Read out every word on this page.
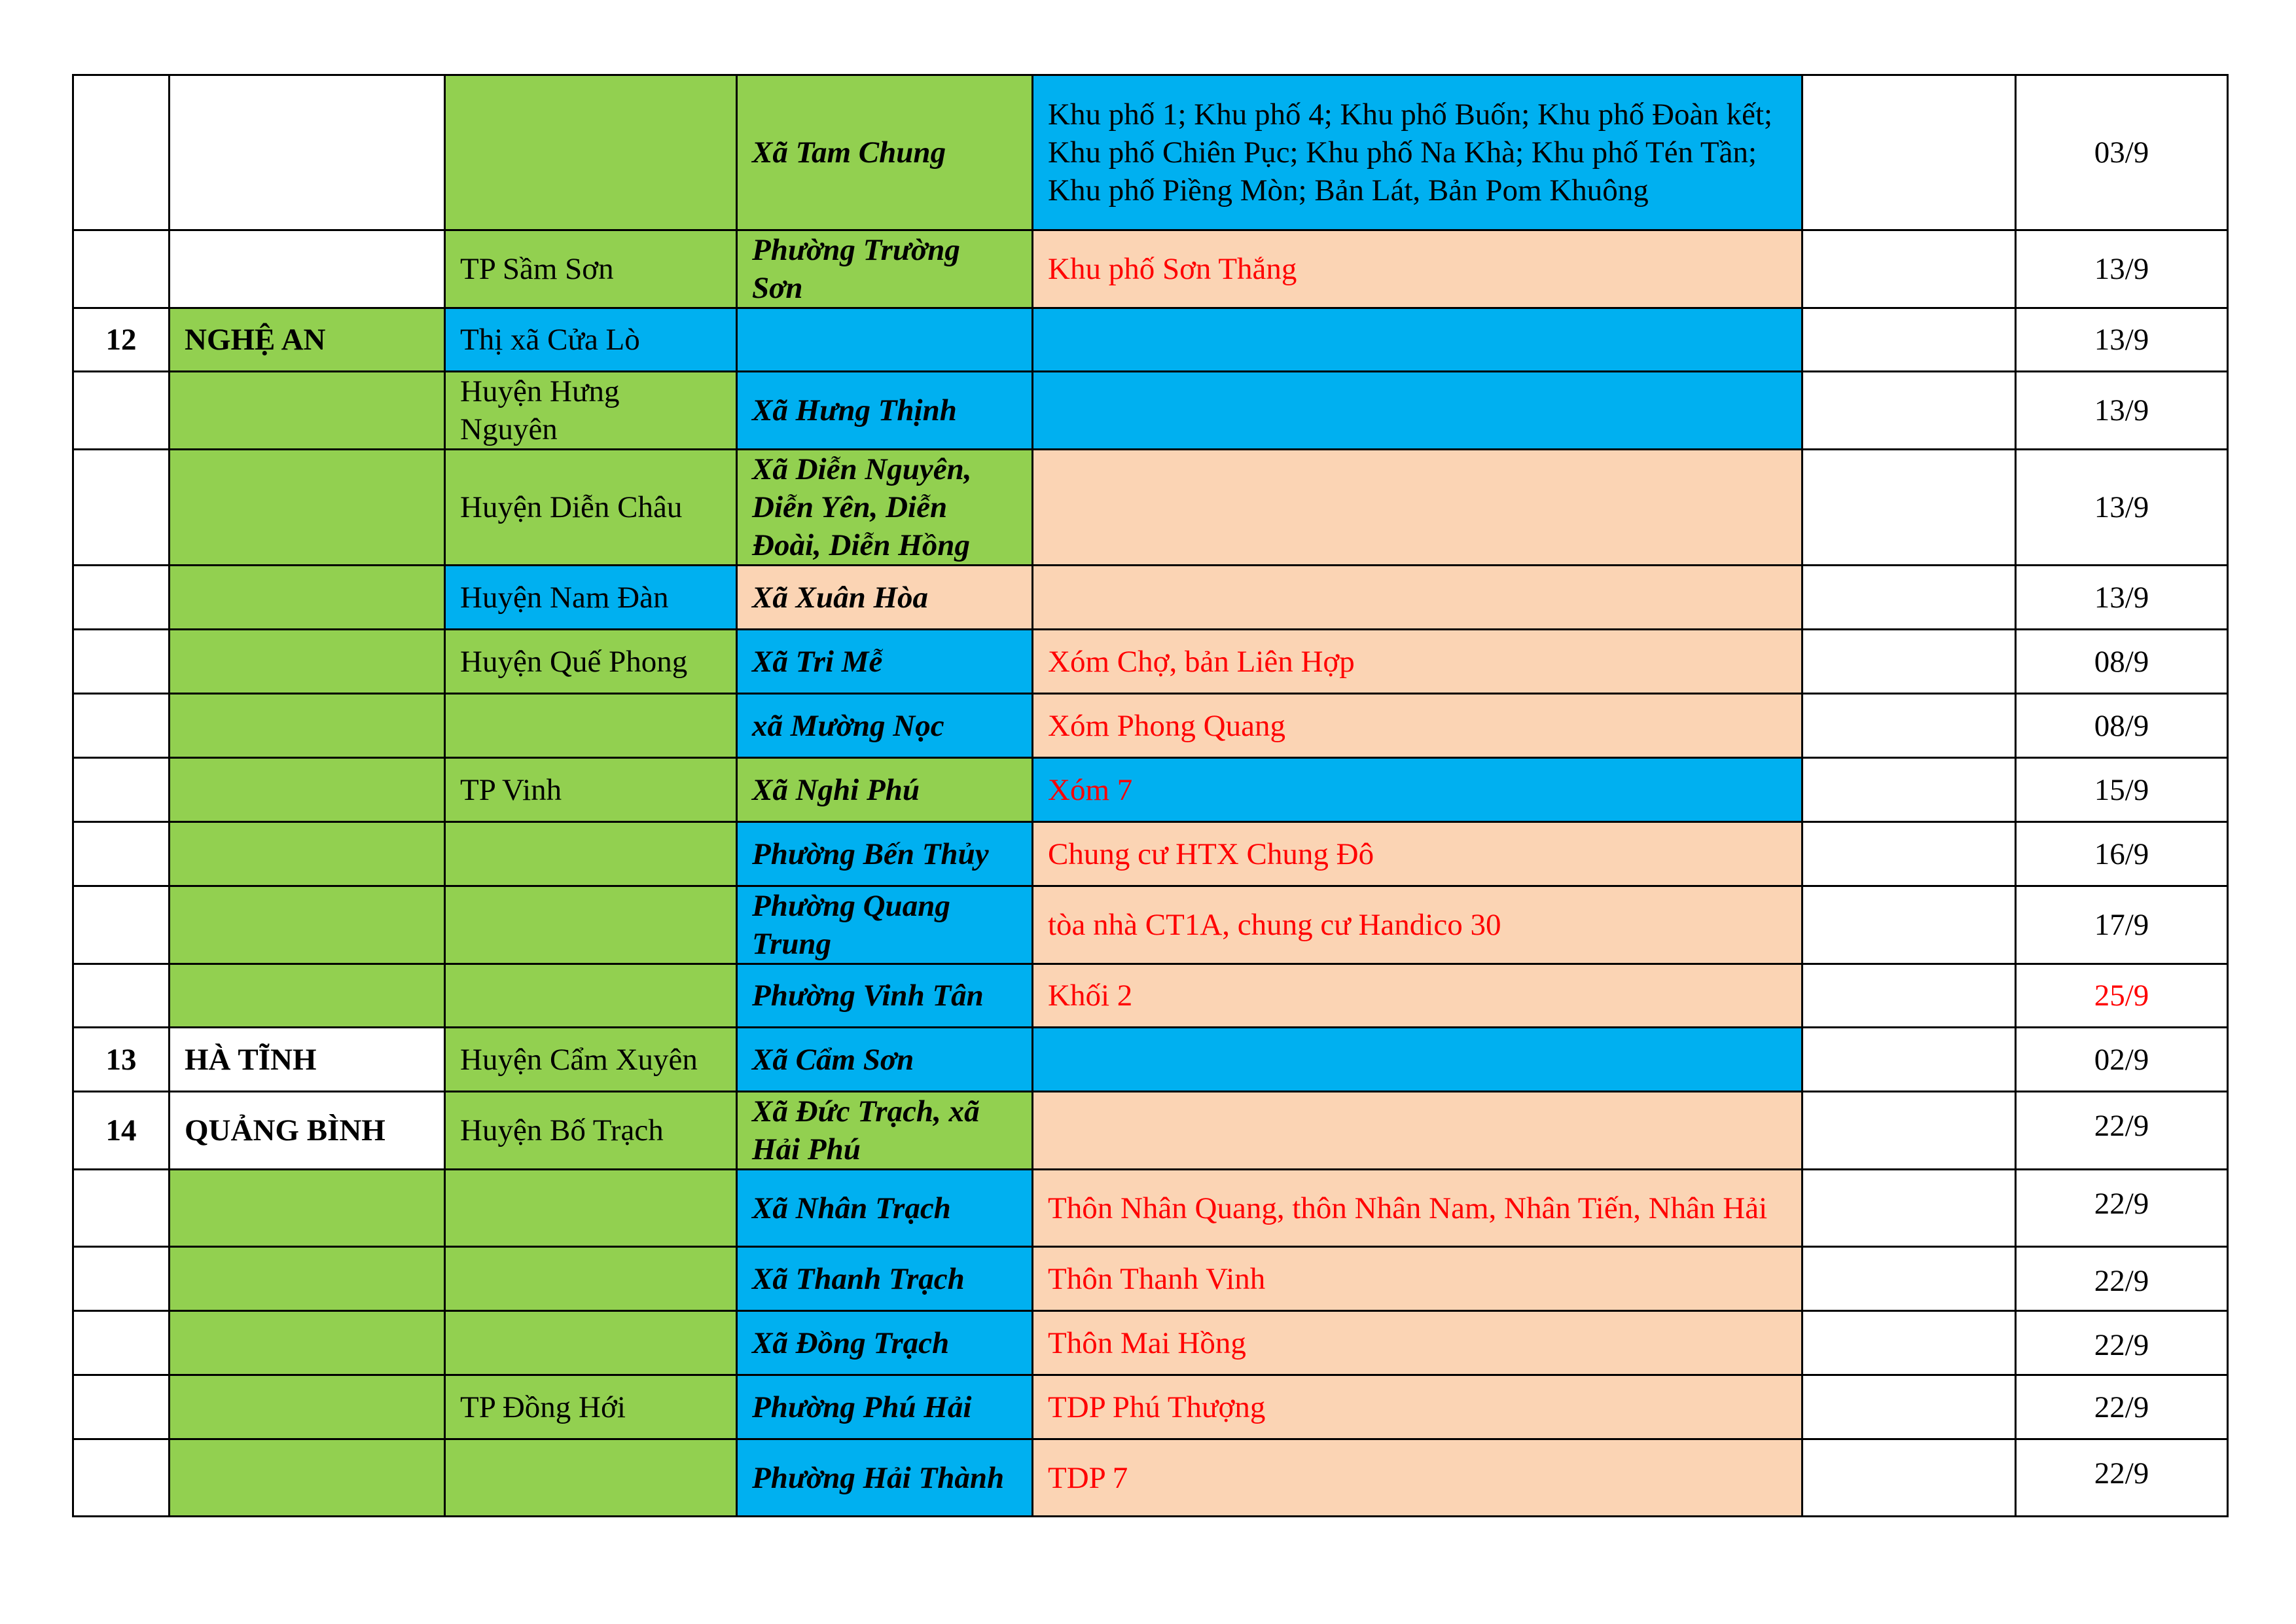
			Xã Tam Chung	Khu phố 1; Khu phố 4; Khu phố Buốn; Khu phố Đoàn kết; Khu phố Chiên Pục; Khu phố Na Khà; Khu phố Tén Tần; Khu phố Piềng Mòn; Bản Lát, Bản Pom Khuông		03/9
		TP Sầm Sơn	Phường Trường Sơn	Khu phố Sơn Thắng		13/9
12	NGHỆ AN	Thị xã Cửa Lò				13/9
		Huyện Hưng Nguyên	Xã Hưng Thịnh			13/9
		Huyện Diễn Châu	Xã Diễn Nguyên, Diễn Yên, Diễn Đoài, Diễn Hồng			13/9
		Huyện Nam Đàn	Xã Xuân Hòa			13/9
		Huyện Quế Phong	Xã Tri Mễ	Xóm Chợ, bản Liên Hợp		08/9
			xã Mường Nọc	Xóm Phong Quang		08/9
		TP Vinh	Xã Nghi Phú	Xóm 7		15/9
			Phường Bến Thủy	Chung cư HTX Chung Đô		16/9
			Phường Quang Trung	tòa nhà CT1A, chung cư Handico 30		17/9
			Phường Vinh Tân	Khối 2		25/9
13	HÀ TĨNH	Huyện Cẩm Xuyên	Xã Cẩm Sơn			02/9
14	QUẢNG BÌNH	Huyện Bố Trạch	Xã Đức Trạch, xã Hải Phú			22/9
			Xã Nhân Trạch	Thôn Nhân Quang, thôn Nhân Nam, Nhân Tiến, Nhân Hải		22/9
			Xã Thanh Trạch	Thôn Thanh Vinh		22/9
			Xã Đồng Trạch	Thôn Mai Hồng		22/9
		TP Đồng Hới	Phường Phú Hải	TDP Phú Thượng		22/9
			Phường Hải Thành	TDP 7		22/9
